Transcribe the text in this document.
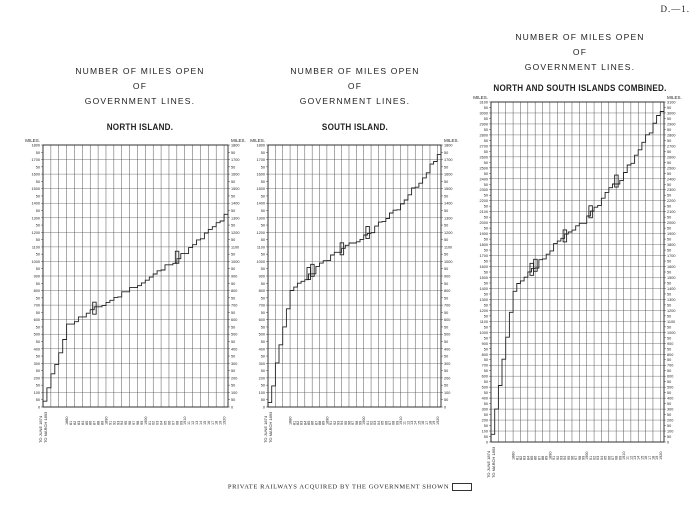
D.—1.
NUMBER OF MILES OPEN
OF
GOVERNMENT LINES.
NORTH ISLAND.
NUMBER OF MILES OPEN
OF
GOVERNMENT LINES.
SOUTH ISLAND.
NUMBER OF MILES OPEN
OF
GOVERNMENT LINES.
NORTH AND SOUTH ISLANDS COMBINED.
MILES.	MILES.
0	0
50	50
100	100
50	50
200	200
50	50
300	300
50	50
400	400
50	50
500	500
50	50
600	600
50	50
700	700
50	50
800	800
50	50
900	900
50	50
1000	1000
50	50
1100	1100
50	50
1200	1200
50	50
1300	1300
50	50
1400	1400
50	50
1500	1500
50	50
1600	1600
50	50
1700	1700
50	50
1800	1800
TO JUNE 1874 TO MARCH 1893	1880 81 82 83 84 85 86 87 88 89 1890 91 92 93 94 95 96 97 98 99 1900 01 02 03 04 05 06 07 08 09 1910 11 12 13 14 15 16 17 18 19 1920
MILES.	MILES.
0	0
50	50
100	100
50	50
200	200
50	50
300	300
50	50
400	400
50	50
500	500
50	50
600	600
50	50
700	700
50	50
800	800
50	50
900	900
50	50
1000	1000
50	50
1100	1100
50	50
1200	1200
50	50
1300	1300
50	50
1400	1400
50	50
1500	1500
50	50
1600	1600
50	50
1700	1700
50	50
1800	1800
TO JUNE 1874 TO MARCH 1893	1880 81 82 83 84 85 86 87 88 89 1890 91 92 93 94 95 96 97 98 99 1900 01 02 03 04 05 06 07 08 09 1910 11 12 13 14 15 16 17 18 19 1920
MILES.	MILES.
0	0
50	50
100	100
50	50
200	200
50	50
300	300
50	50
400	400
50	50
500	500
50	50
600	600
50	50
700	700
50	50
800	800
50	50
900	900
50	50
1000	1000
50	50
1100	1100
50	50
1200	1200
50	50
1300	1300
50	50
1400	1400
50	50
1500	1500
50	50
1600	1600
50	50
1700	1700
50	50
1800	1800
50	50
1900	1900
50	50
2000	2000
50	50
2100	2100
50	50
2200	2200
50	50
2300	2300
50	50
2400	2400
50	50
2500	2500
50	50
2600	2600
50	50
2700	2700
50	50
2800	2800
50	50
2900	2900
50	50
3000	3000
50	50
3100	3100
TO JUNE 1874 TO MARCH 1893	1880 81 82 83 84 85 86 87 88 89 1890 91 92 93 94 95 96 97 98 99 1900 01 02 03 04 05 06 07 08 09 1910 11 12 13 14 15 16 17 18 19 1920
PRIVATE RAILWAYS ACQUIRED BY THE GOVERNMENT SHOWN
